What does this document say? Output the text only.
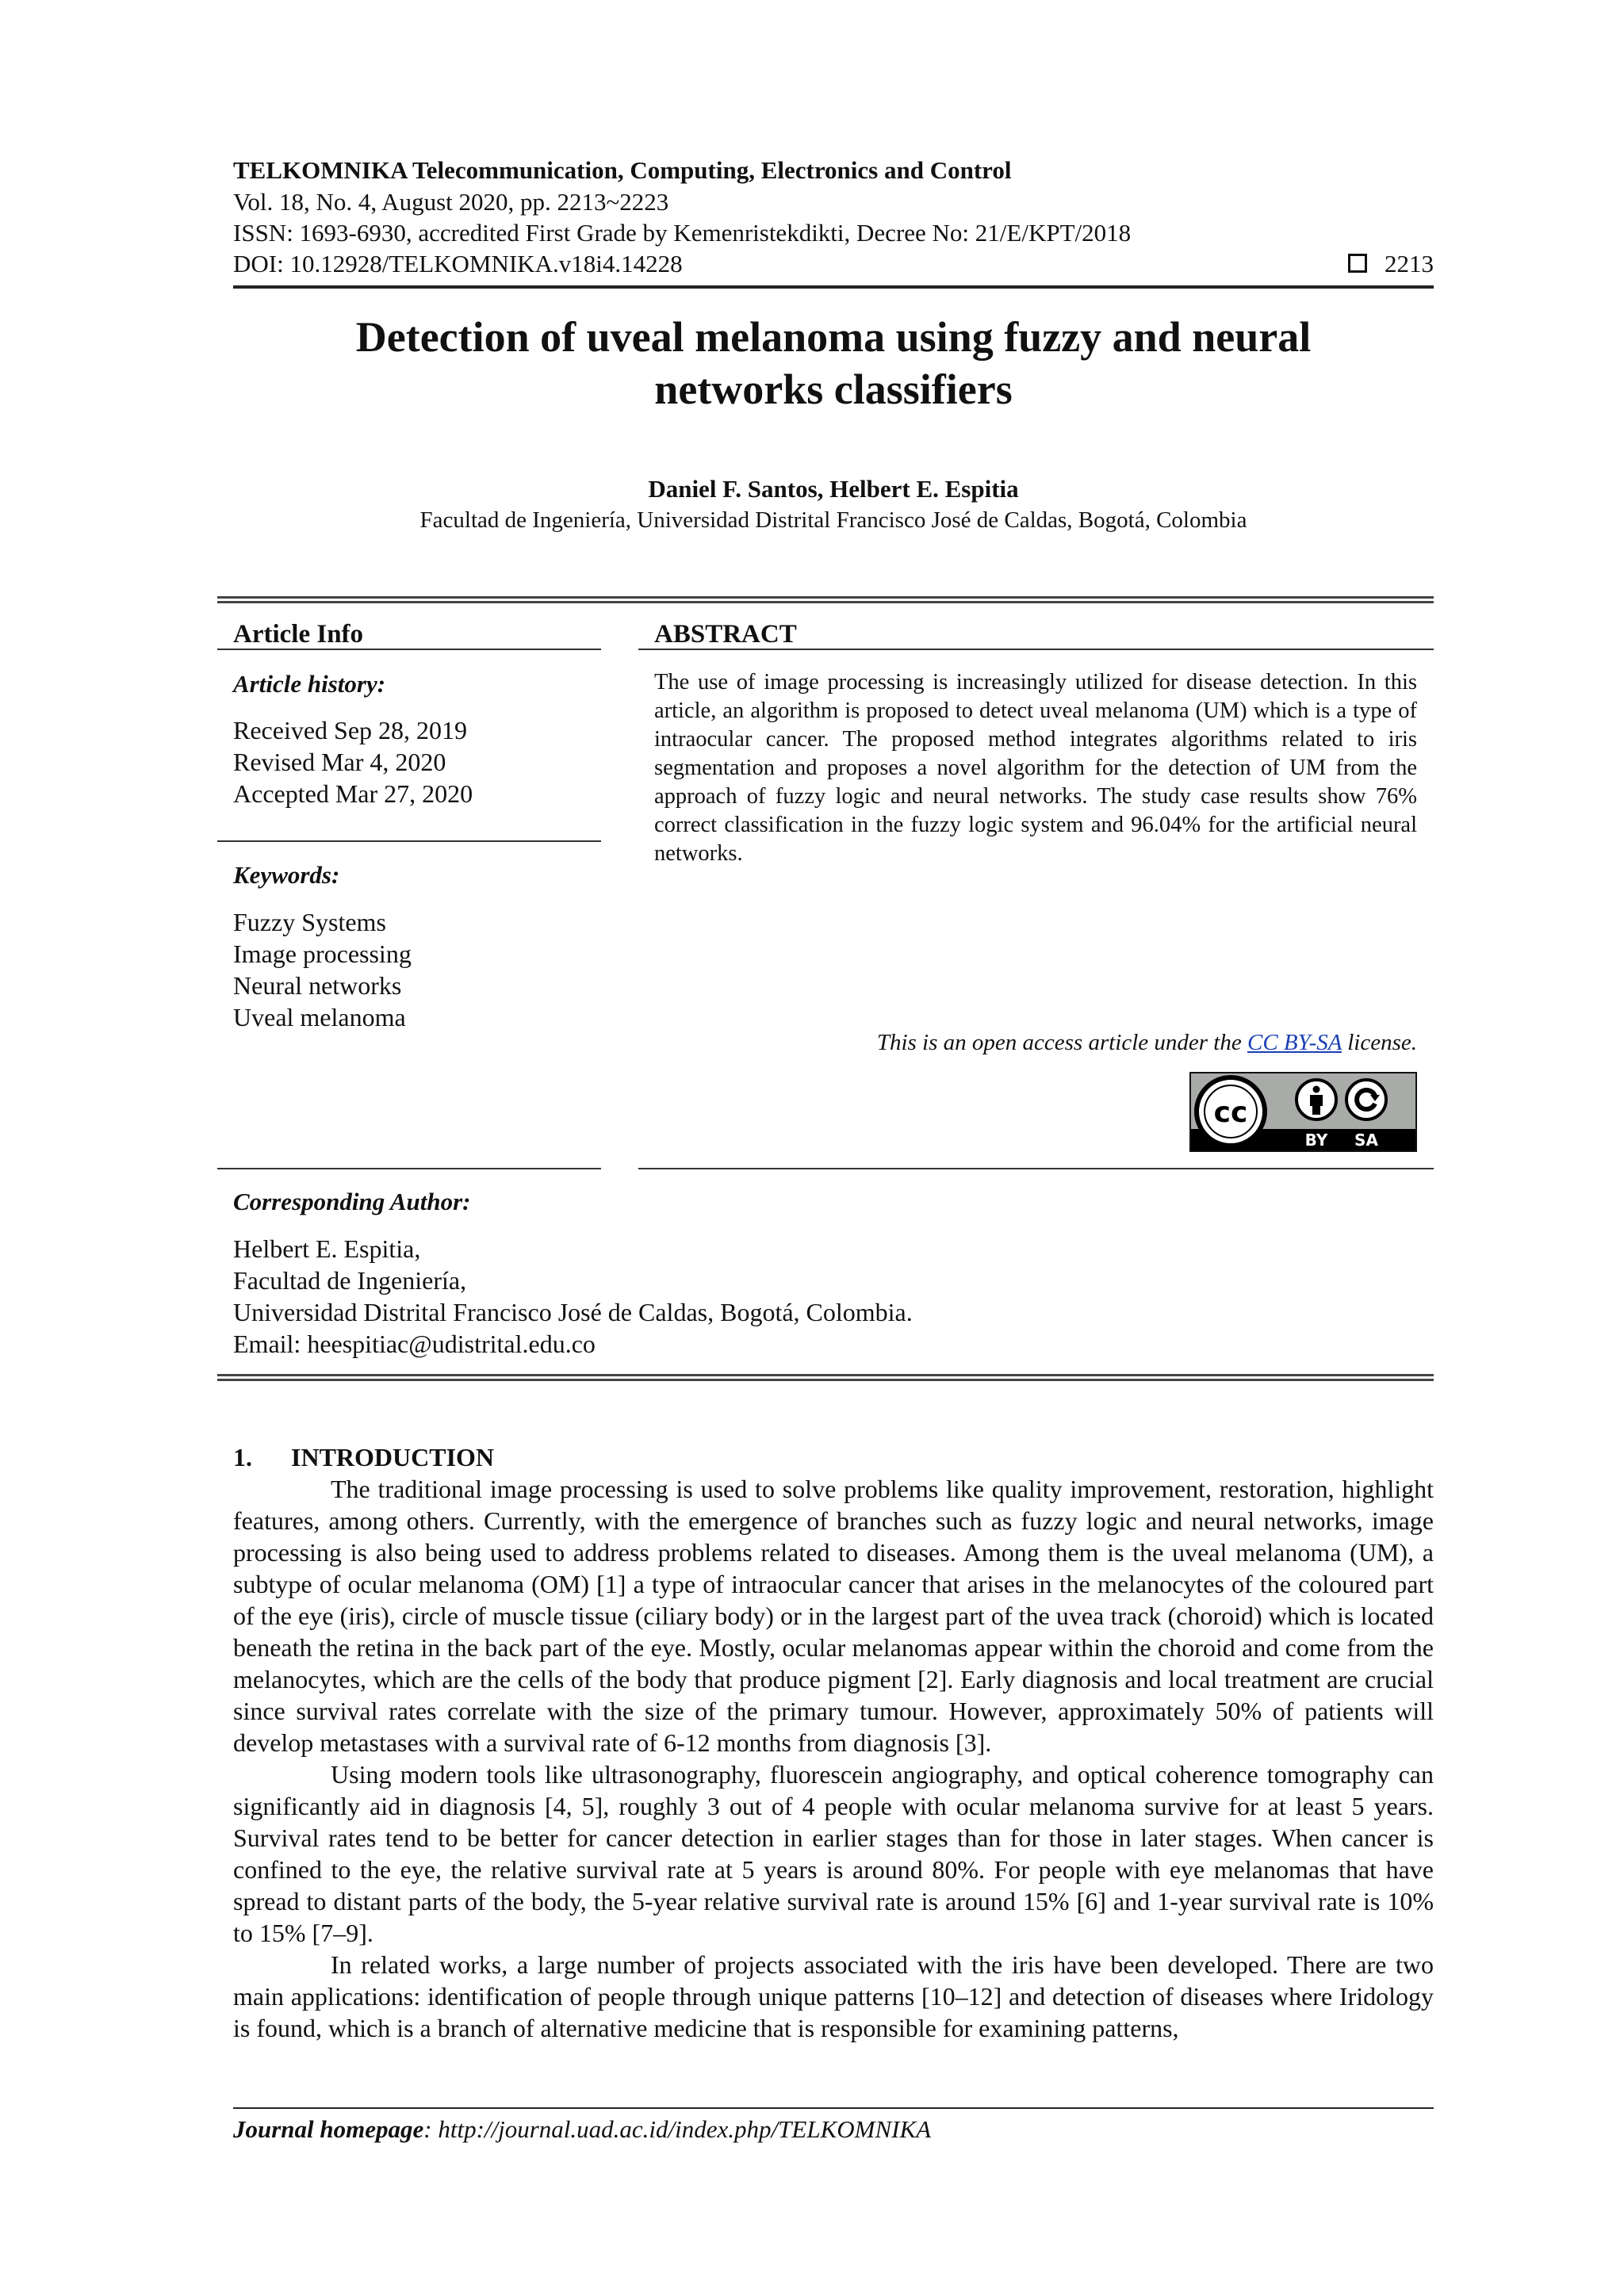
TELKOMNIKA Telecommunication, Computing, Electronics and Control
Vol. 18, No. 4, August 2020, pp. 2213~2223
ISSN: 1693-6930, accredited First Grade by Kemenristekdikti, Decree No: 21/E/KPT/2018
DOI: 10.12928/TELKOMNIKA.v18i4.14228	2213
Detection of uveal melanoma using fuzzy and neural
networks classifiers
Daniel F. Santos, Helbert E. Espitia
Facultad de Ingeniería, Universidad Distrital Francisco José de Caldas, Bogotá, Colombia
Article Info	ABSTRACT
Article history:
Received Sep 28, 2019
Revised Mar 4, 2020
Accepted Mar 27, 2020
Keywords:
Fuzzy Systems
Image processing
Neural networks
Uveal melanoma
The use of image processing is increasingly utilized for disease detection. In this article, an algorithm is proposed to detect uveal melanoma (UM) which is a type of intraocular cancer. The proposed method integrates algorithms related to iris segmentation and proposes a novel algorithm for the detection of UM from the approach of fuzzy logic and neural networks. The study case results show 76% correct classification in the fuzzy logic system and 96.04% for the artificial neural networks.
This is an open access article under the CC BY-SA license.
cc
BY SA
Corresponding Author:
Helbert E. Espitia,
Facultad de Ingeniería,
Universidad Distrital Francisco José de Caldas, Bogotá, Colombia.
Email: heespitiac@udistrital.edu.co
1. INTRODUCTION

The traditional image processing is used to solve problems like quality improvement, restoration, highlight features, among others. Currently, with the emergence of branches such as fuzzy logic and neural networks, image processing is also being used to address problems related to diseases. Among them is the uveal melanoma (UM), a subtype of ocular melanoma (OM) [1] a type of intraocular cancer that arises in the melanocytes of the coloured part of the eye (iris), circle of muscle tissue (ciliary body) or in the largest part of the uvea track (choroid) which is located beneath the retina in the back part of the eye. Mostly, ocular melanomas appear within the choroid and come from the melanocytes, which are the cells of the body that produce pigment [2]. Early diagnosis and local treatment are crucial since survival rates correlate with the size of the primary tumour. However, approximately 50% of patients will develop metastases with a survival rate of 6-12 months from diagnosis [3].

Using modern tools like ultrasonography, fluorescein angiography, and optical coherence tomography can significantly aid in diagnosis [4, 5], roughly 3 out of 4 people with ocular melanoma survive for at least 5 years. Survival rates tend to be better for cancer detection in earlier stages than for those in later stages. When cancer is confined to the eye, the relative survival rate at 5 years is around 80%. For people with eye melanomas that have spread to distant parts of the body, the 5-year relative survival rate is around 15% [6] and 1-year survival rate is 10% to 15% [7–9].

In related works, a large number of projects associated with the iris have been developed. There are two main applications: identification of people through unique patterns [10–12] and detection of diseases where Iridology is found, which is a branch of alternative medicine that is responsible for examining patterns,

Journal homepage: http://journal.uad.ac.id/index.php/TELKOMNIKA
